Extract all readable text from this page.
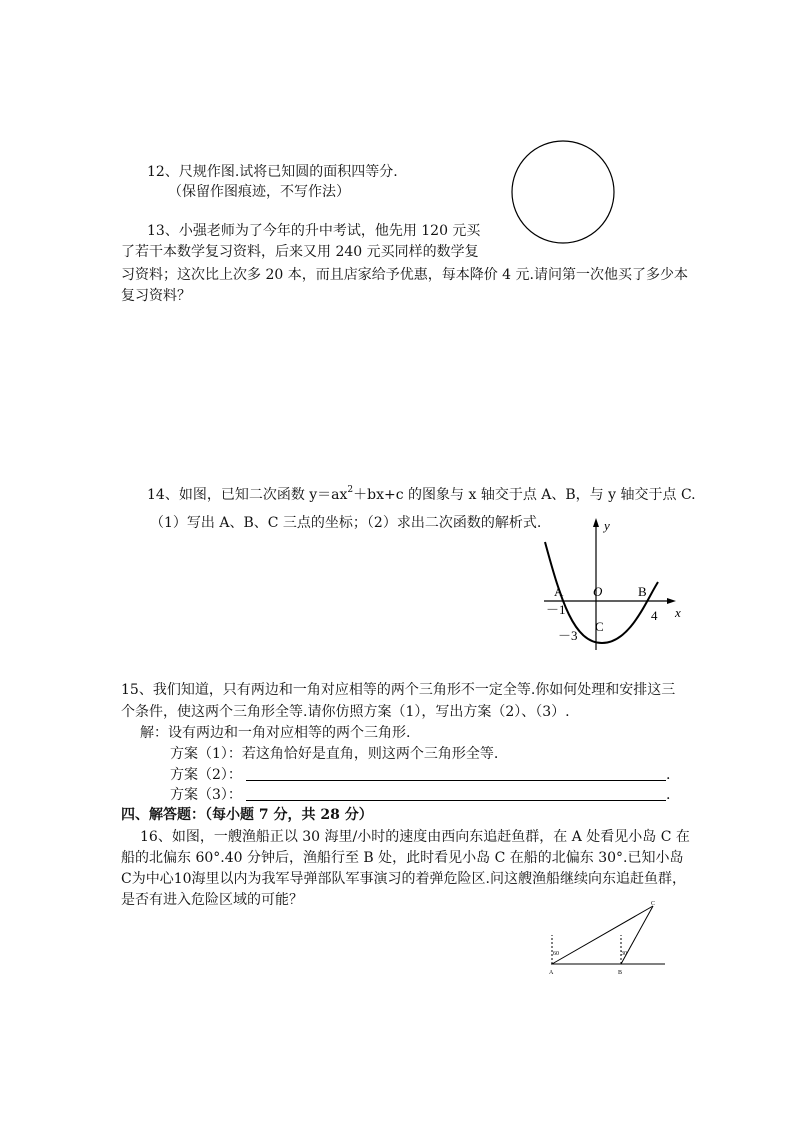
12、尺规作图.试将已知圆的面积四等分.
（保留作图痕迹，不写作法）
13、小强老师为了今年的升中考试，他先用 120 元买
了若干本数学复习资料，后来又用 240 元买同样的数学复
习资料；这次比上次多 20 本，而且店家给予优惠，每本降价 4 元.请问第一次他买了多少本
复习资料？
14、如图，已知二次函数 $y=ax^2+bx+c$ 的图象与 x 轴交于点 A、B，与 y 轴交于点 C.
（1）写出 A、B、C 三点的坐标；（2）求出二次函数的解析式.	y
x
O
A	B
C
－1
－3
4
15、我们知道，只有两边和一角对应相等的两个三角形不一定全等.你如何处理和安排这三
个条件，使这两个三角形全等.请你仿照方案（1），写出方案（2）、（3）.
解：设有两边和一角对应相等的两个三角形.
方案（1）：若这角恰好是直角，则这两个三角形全等.
方案（2）：	.
方案（3）：	.
四、解答题：（每小题 7 分，共 28 分）
16、如图，一艘渔船正以 30 海里/小时的速度由西向东追赶鱼群，在 A 处看见小岛 C 在
船的北偏东 60°.40 分钟后，渔船行至 B 处，此时看见小岛 C 在船的北偏东 30°.已知小岛
C为中心10海里以内为我军导弹部队军事演习的着弹危险区.问这艘渔船继续向东追赶鱼群，
是否有进入危险区域的可能？
A	B
C
60	30
